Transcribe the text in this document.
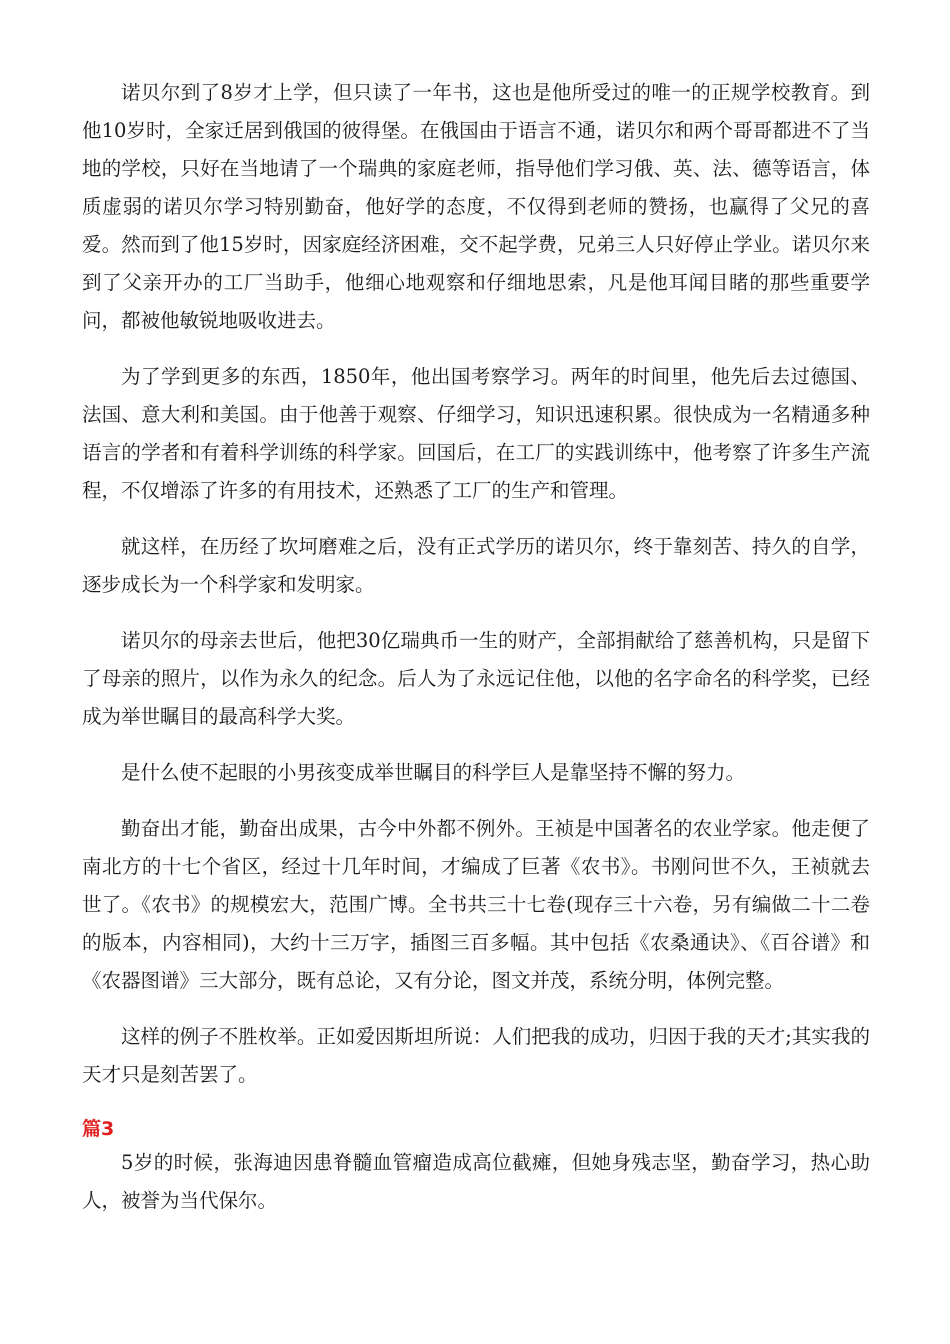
诺贝尔到了8岁才上学，但只读了一年书，这也是他所受过的唯一的正规学校教育。到他10岁时，全家迁居到俄国的彼得堡。在俄国由于语言不通，诺贝尔和两个哥哥都进不了当地的学校，只好在当地请了一个瑞典的家庭老师，指导他们学习俄、英、法、德等语言，体质虚弱的诺贝尔学习特别勤奋，他好学的态度，不仅得到老师的赞扬，也赢得了父兄的喜爱。然而到了他15岁时，因家庭经济困难，交不起学费，兄弟三人只好停止学业。诺贝尔来到了父亲开办的工厂当助手，他细心地观察和仔细地思索，凡是他耳闻目睹的那些重要学问，都被他敏锐地吸收进去。

为了学到更多的东西，1850年，他出国考察学习。两年的时间里，他先后去过德国、法国、意大利和美国。由于他善于观察、仔细学习，知识迅速积累。很快成为一名精通多种语言的学者和有着科学训练的科学家。回国后，在工厂的实践训练中，他考察了许多生产流程，不仅增添了许多的有用技术，还熟悉了工厂的生产和管理。

就这样，在历经了坎坷磨难之后，没有正式学历的诺贝尔，终于靠刻苦、持久的自学，逐步成长为一个科学家和发明家。

诺贝尔的母亲去世后，他把30亿瑞典币一生的财产，全部捐献给了慈善机构，只是留下了母亲的照片，以作为永久的纪念。后人为了永远记住他，以他的名字命名的科学奖，已经成为举世瞩目的最高科学大奖。

是什么使不起眼的小男孩变成举世瞩目的科学巨人是靠坚持不懈的努力。

勤奋出才能，勤奋出成果，古今中外都不例外。王祯是中国著名的农业学家。他走便了南北方的十七个省区，经过十几年时间，才编成了巨著《农书》。书刚问世不久，王祯就去世了。《农书》的规模宏大，范围广博。全书共三十七卷(现存三十六卷，另有编做二十二卷的版本，内容相同)，大约十三万字，插图三百多幅。其中包括《农桑通诀》、《百谷谱》和《农器图谱》三大部分，既有总论，又有分论，图文并茂，系统分明，体例完整。

这样的例子不胜枚举。正如爱因斯坦所说：人们把我的成功，归因于我的天才;其实我的天才只是刻苦罢了。

篇3

5岁的时候，张海迪因患脊髓血管瘤造成高位截瘫，但她身残志坚，勤奋学习，热心助人，被誉为当代保尔。
